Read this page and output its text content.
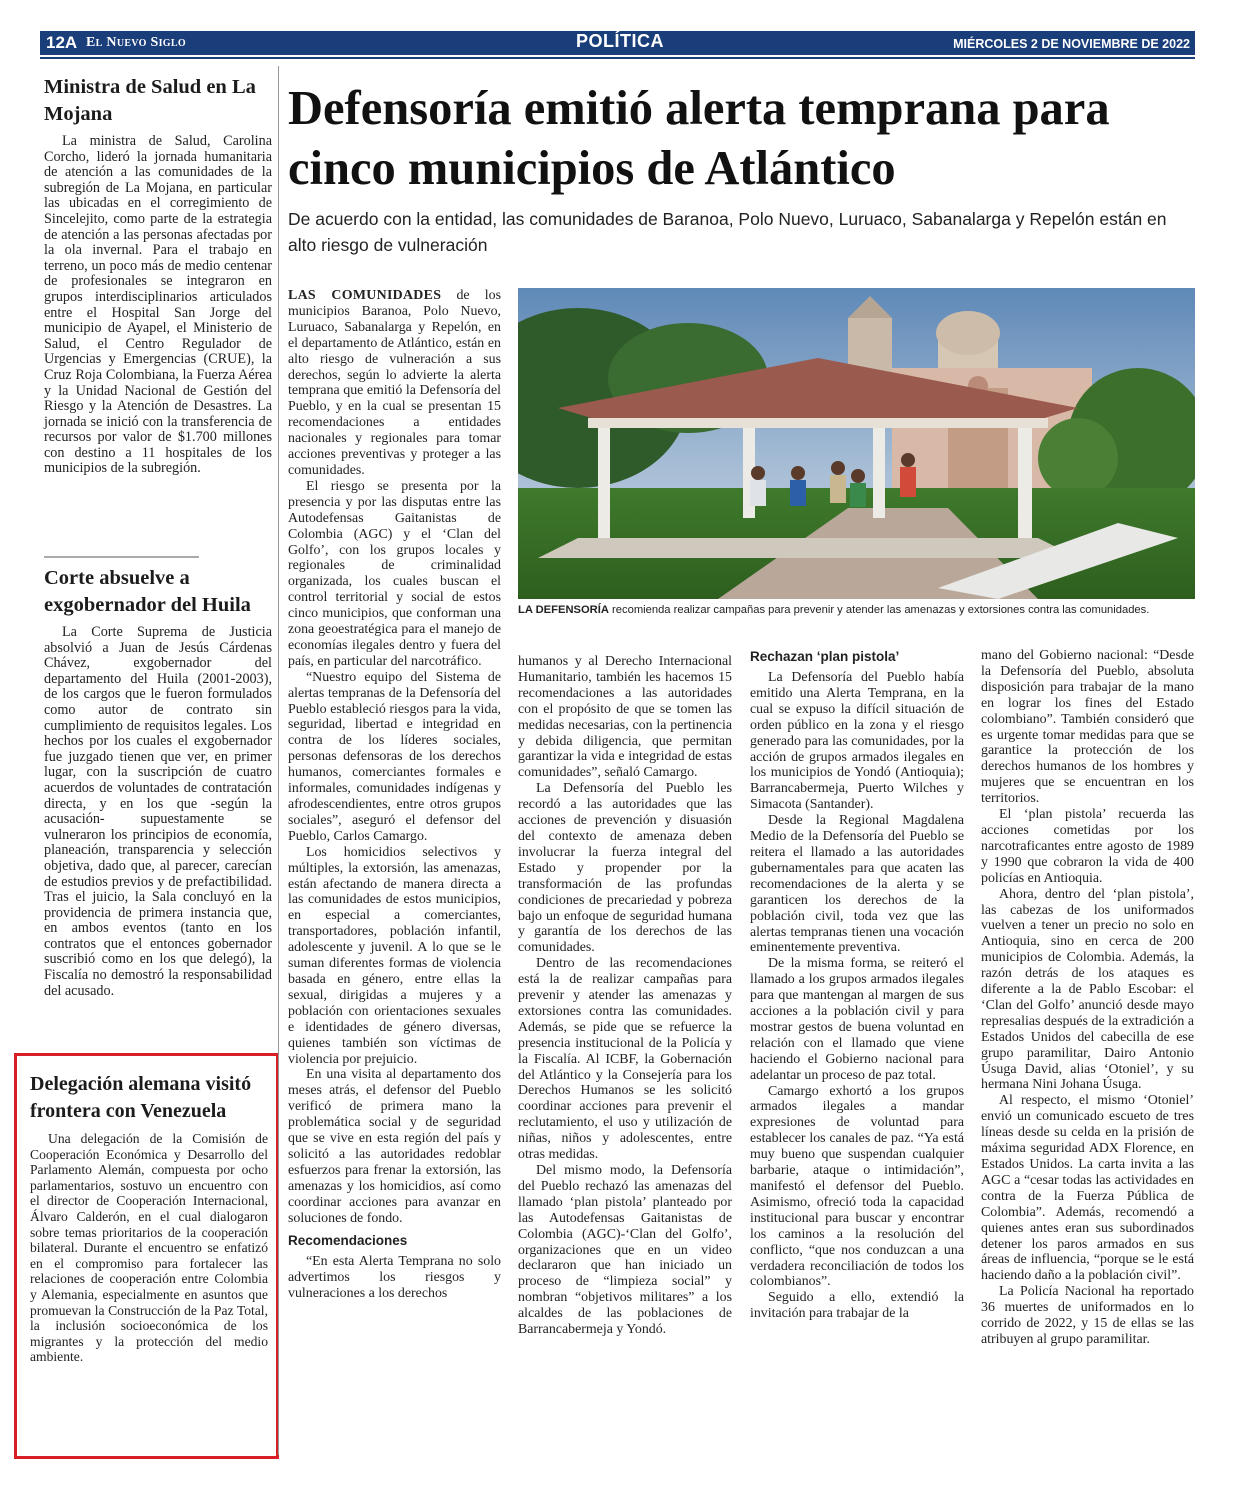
12A El Nuevo Siglo	POLÍTICA	MIÉRCOLES 2 DE NOVIEMBRE DE 2022
Ministra de Salud en La Mojana

La ministra de Salud, Carolina Corcho, lideró la jornada humanitaria de atención a las comunidades de la subregión de La Mojana, en particular las ubicadas en el corregimiento de Sincelejito, como parte de la estrategia de atención a las personas afectadas por la ola invernal. Para el trabajo en terreno, un poco más de medio centenar de profesionales se integraron en grupos interdisciplinarios articulados entre el Hospital San Jorge del municipio de Ayapel, el Ministerio de Salud, el Centro Regulador de Urgencias y Emergencias (CRUE), la Cruz Roja Colombiana, la Fuerza Aérea y la Unidad Nacional de Gestión del Riesgo y la Atención de Desastres. La jornada se inició con la transferencia de recursos por valor de $1.700 millones con destino a 11 hospitales de los municipios de la subregión.

Corte absuelve a exgobernador del Huila

La Corte Suprema de Justicia absolvió a Juan de Jesús Cárdenas Chávez, exgobernador del departamento del Huila (2001-2003), de los cargos que le fueron formulados como autor de contrato sin cumplimiento de requisitos legales. Los hechos por los cuales el exgobernador fue juzgado tienen que ver, en primer lugar, con la suscripción de cuatro acuerdos de voluntades de contratación directa, y en los que -según la acusación- supuestamente se vulneraron los principios de economía, planeación, transparencia y selección objetiva, dado que, al parecer, carecían de estudios previos y de prefactibilidad. Tras el juicio, la Sala concluyó en la providencia de primera instancia que, en ambos eventos (tanto en los contratos que el entonces gobernador suscribió como en los que delegó), la Fiscalía no demostró la responsabilidad del acusado.

Delegación alemana visitó frontera con Venezuela

Una delegación de la Comisión de Cooperación Económica y Desarrollo del Parlamento Alemán, compuesta por ocho parlamentarios, sostuvo un encuentro con el director de Cooperación Internacional, Álvaro Calderón, en el cual dialogaron sobre temas prioritarios de la cooperación bilateral. Durante el encuentro se enfatizó en el compromiso para fortalecer las relaciones de cooperación entre Colombia y Alemania, especialmente en asuntos que promuevan la Construcción de la Paz Total, la inclusión socioeconómica de los migrantes y la protección del medio ambiente.

Defensoría emitió alerta temprana para cinco municipios de Atlántico

De acuerdo con la entidad, las comunidades de Baranoa, Polo Nuevo, Luruaco, Sabanalarga y Repelón están en alto riesgo de vulneración

LA DEFENSORÍA recomienda realizar campañas para prevenir y atender las amenazas y extorsiones contra las comunidades.

LAS COMUNIDADES de los municipios Baranoa, Polo Nuevo, Luruaco, Sabanalarga y Repelón, en el departamento de Atlántico, están en alto riesgo de vulneración a sus derechos, según lo advierte la alerta temprana que emitió la Defensoría del Pueblo, y en la cual se presentan 15 recomendaciones a entidades nacionales y regionales para tomar acciones preventivas y proteger a las comunidades.

El riesgo se presenta por la presencia y por las disputas entre las Autodefensas Gaitanistas de Colombia (AGC) y el ‘Clan del Golfo’, con los grupos locales y regionales de criminalidad organizada, los cuales buscan el control territorial y social de estos cinco municipios, que conforman una zona geoestratégica para el manejo de economías ilegales dentro y fuera del país, en particular del narcotráfico.

“Nuestro equipo del Sistema de alertas tempranas de la Defensoría del Pueblo estableció riesgos para la vida, seguridad, libertad e integridad en contra de los líderes sociales, personas defensoras de los derechos humanos, comerciantes formales e informales, comunidades indígenas y afrodescendientes, entre otros grupos sociales”, aseguró el defensor del Pueblo, Carlos Camargo.

Los homicidios selectivos y múltiples, la extorsión, las amenazas, están afectando de manera directa a las comunidades de estos municipios, en especial a comerciantes, transportadores, población infantil, adolescente y juvenil. A lo que se le suman diferentes formas de violencia basada en género, entre ellas la sexual, dirigidas a mujeres y a población con orientaciones sexuales e identidades de género diversas, quienes también son víctimas de violencia por prejuicio.

En una visita al departamento dos meses atrás, el defensor del Pueblo verificó de primera mano la problemática social y de seguridad que se vive en esta región del país y solicitó a las autoridades redoblar esfuerzos para frenar la extorsión, las amenazas y los homicidios, así como coordinar acciones para avanzar en soluciones de fondo.

Recomendaciones

“En esta Alerta Temprana no solo advertimos los riesgos y vulneraciones a los derechos

humanos y al Derecho Internacional Humanitario, también les hacemos 15 recomendaciones a las autoridades con el propósito de que se tomen las medidas necesarias, con la pertinencia y debida diligencia, que permitan garantizar la vida e integridad de estas comunidades”, señaló Camargo.

La Defensoría del Pueblo les recordó a las autoridades que las acciones de prevención y disuasión del contexto de amenaza deben involucrar la fuerza integral del Estado y propender por la transformación de las profundas condiciones de precariedad y pobreza bajo un enfoque de seguridad humana y garantía de los derechos de las comunidades.

Dentro de las recomendaciones está la de realizar campañas para prevenir y atender las amenazas y extorsiones contra las comunidades. Además, se pide que se refuerce la presencia institucional de la Policía y la Fiscalía. Al ICBF, la Gobernación del Atlántico y la Consejería para los Derechos Humanos se les solicitó coordinar acciones para prevenir el reclutamiento, el uso y utilización de niñas, niños y adolescentes, entre otras medidas.

Del mismo modo, la Defensoría del Pueblo rechazó las amenazas del llamado ‘plan pistola’ planteado por las Autodefensas Gaitanistas de Colombia (AGC)-‘Clan del Golfo’, organizaciones que en un video declararon que han iniciado un proceso de “limpieza social” y nombran “objetivos militares” a los alcaldes de las poblaciones de Barrancabermeja y Yondó.

Rechazan ‘plan pistola’

La Defensoría del Pueblo había emitido una Alerta Temprana, en la cual se expuso la difícil situación de orden público en la zona y el riesgo generado para las comunidades, por la acción de grupos armados ilegales en los municipios de Yondó (Antioquia); Barrancabermeja, Puerto Wilches y Simacota (Santander).

Desde la Regional Magdalena Medio de la Defensoría del Pueblo se reitera el llamado a las autoridades gubernamentales para que acaten las recomendaciones de la alerta y se garanticen los derechos de la población civil, toda vez que las alertas tempranas tienen una vocación eminentemente preventiva.

De la misma forma, se reiteró el llamado a los grupos armados ilegales para que mantengan al margen de sus acciones a la población civil y para mostrar gestos de buena voluntad en relación con el llamado que viene haciendo el Gobierno nacional para adelantar un proceso de paz total.

Camargo exhortó a los grupos armados ilegales a mandar expresiones de voluntad para establecer los canales de paz. “Ya está muy bueno que suspendan cualquier barbarie, ataque o intimidación”, manifestó el defensor del Pueblo. Asimismo, ofreció toda la capacidad institucional para buscar y encontrar los caminos a la resolución del conflicto, “que nos conduzcan a una verdadera reconciliación de todos los colombianos”.

Seguido a ello, extendió la invitación para trabajar de la

mano del Gobierno nacional: “Desde la Defensoría del Pueblo, absoluta disposición para trabajar de la mano en lograr los fines del Estado colombiano”. También consideró que es urgente tomar medidas para que se garantice la protección de los derechos humanos de los hombres y mujeres que se encuentran en los territorios.

El ‘plan pistola’ recuerda las acciones cometidas por los narcotraficantes entre agosto de 1989 y 1990 que cobraron la vida de 400 policías en Antioquia.

Ahora, dentro del ‘plan pistola’, las cabezas de los uniformados vuelven a tener un precio no solo en Antioquia, sino en cerca de 200 municipios de Colombia. Además, la razón detrás de los ataques es diferente a la de Pablo Escobar: el ‘Clan del Golfo’ anunció desde mayo represalias después de la extradición a Estados Unidos del cabecilla de ese grupo paramilitar, Dairo Antonio Úsuga David, alias ‘Otoniel’, y su hermana Nini Johana Úsuga.

Al respecto, el mismo ‘Otoniel’ envió un comunicado escueto de tres líneas desde su celda en la prisión de máxima seguridad ADX Florence, en Estados Unidos. La carta invita a las AGC a “cesar todas las actividades en contra de la Fuerza Pública de Colombia”. Además, recomendó a quienes antes eran sus subordinados detener los paros armados en sus áreas de influencia, “porque se le está haciendo daño a la población civil”.

La Policía Nacional ha reportado 36 muertes de uniformados en lo corrido de 2022, y 15 de ellas se las atribuyen al grupo paramilitar.
